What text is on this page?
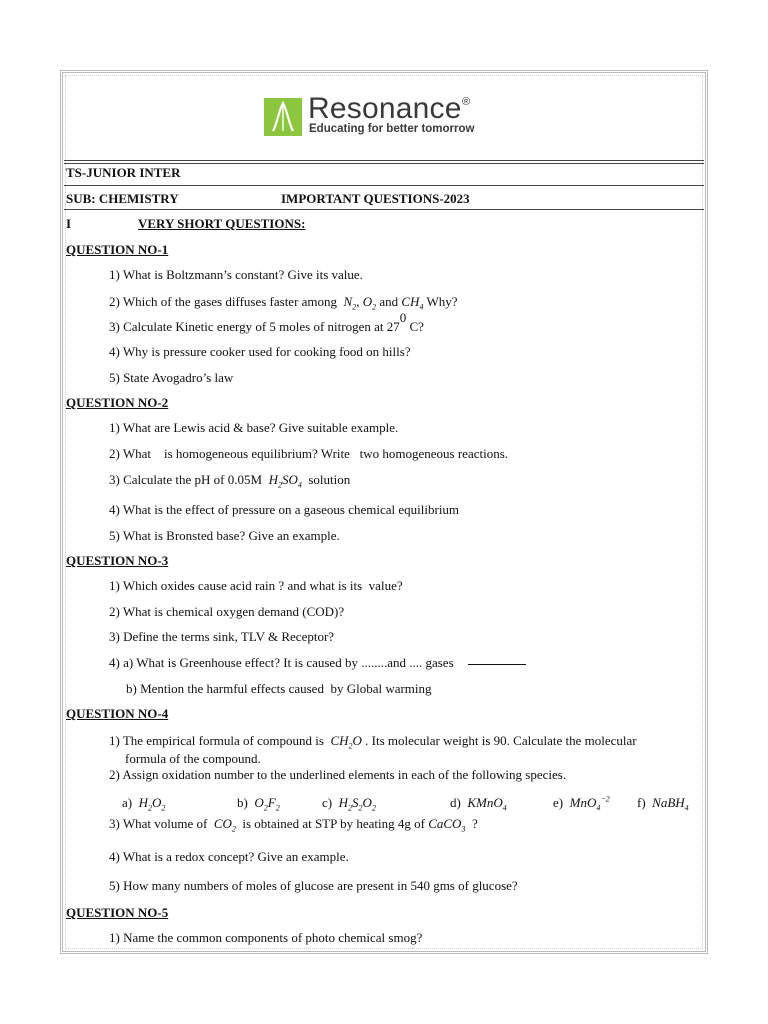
Resonance ®
Educating for better tomorrow
TS-JUNIOR INTER
SUB: CHEMISTRY	IMPORTANT QUESTIONS-2023
I	VERY SHORT QUESTIONS:
QUESTION NO-1
1) What is Boltzmann’s constant? Give its value.
2) Which of the gases diffuses faster among  $N_2$, $O_2$ and $CH_4$ Why?
3) Calculate Kinetic energy of 5 moles of nitrogen at $27^0$ C?
4) Why is pressure cooker used for cooking food on hills?
5) State Avogadro’s law
QUESTION NO-2
1) What are Lewis acid & base? Give suitable example.
2) What    is homogeneous equilibrium? Write   two homogeneous reactions.
3) Calculate the pH of 0.05M  $H_2SO_4$ solution
4) What is the effect of pressure on a gaseous chemical equilibrium
5) What is Bronsted base? Give an example.
QUESTION NO-3
1) Which oxides cause acid rain ? and what is its  value?
2) What is chemical oxygen demand (COD)?
3) Define the terms sink, TLV & Receptor?
4) a) What is Greenhouse effect? It is caused by ........and .... gases
b) Mention the harmful effects caused  by Global warming
QUESTION NO-4
1) The empirical formula of compound is  $CH_2O$ . Its molecular weight is 90. Calculate the molecular
formula of the compound.
2) Assign oxidation number to the underlined elements in each of the following species.
a)  $H_2O_2$	b)  $O_2F_2$	c)  $H_2S_2O_2$	d)  KMnO$_4$	e)  MnO$_4^{-2}$ f)  NaBH$_4$
3) What volume of  $CO_2$ is obtained at STP by heating 4g of CaCO$_3$ ?
4) What is a redox concept? Give an example.
5) How many numbers of moles of glucose are present in 540 gms of glucose?
QUESTION NO-5
1) Name the common components of photo chemical smog?
